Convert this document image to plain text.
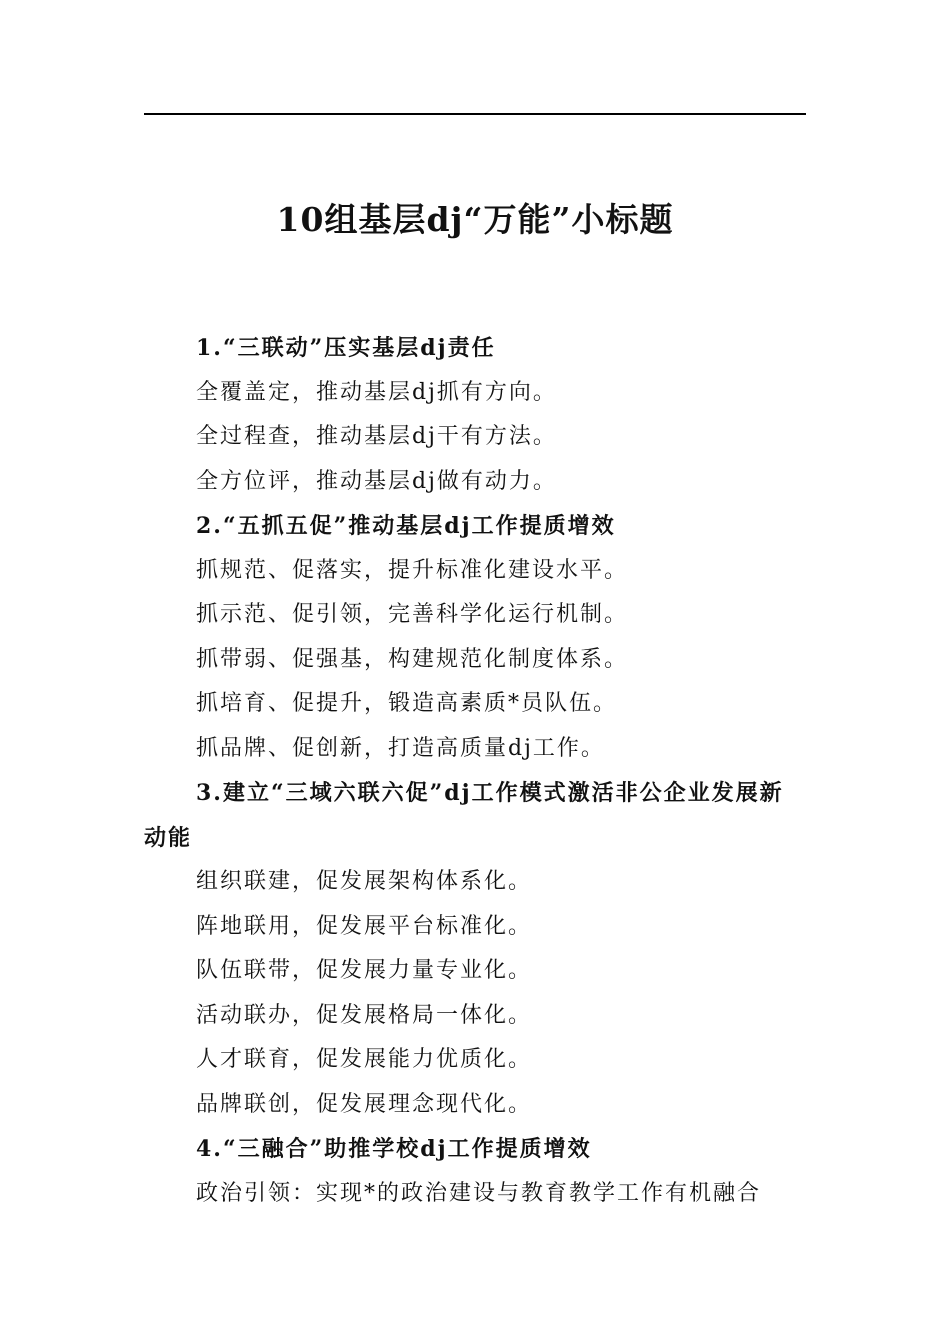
10组基层dj“万能”小标题
1.“三联动”压实基层dj责任
全覆盖定，推动基层dj抓有方向。
全过程查，推动基层dj干有方法。
全方位评，推动基层dj做有动力。
2.“五抓五促”推动基层dj工作提质增效
抓规范、促落实，提升标准化建设水平。
抓示范、促引领，完善科学化运行机制。
抓带弱、促强基，构建规范化制度体系。
抓培育、促提升，锻造高素质*员队伍。
抓品牌、促创新，打造高质量dj工作。
3.建立“三域六联六促”dj工作模式激活非公企业发展新动能
组织联建，促发展架构体系化。
阵地联用，促发展平台标准化。
队伍联带，促发展力量专业化。
活动联办，促发展格局一体化。
人才联育，促发展能力优质化。
品牌联创，促发展理念现代化。
4.“三融合”助推学校dj工作提质增效
政治引领：实现*的政治建设与教育教学工作有机融合
